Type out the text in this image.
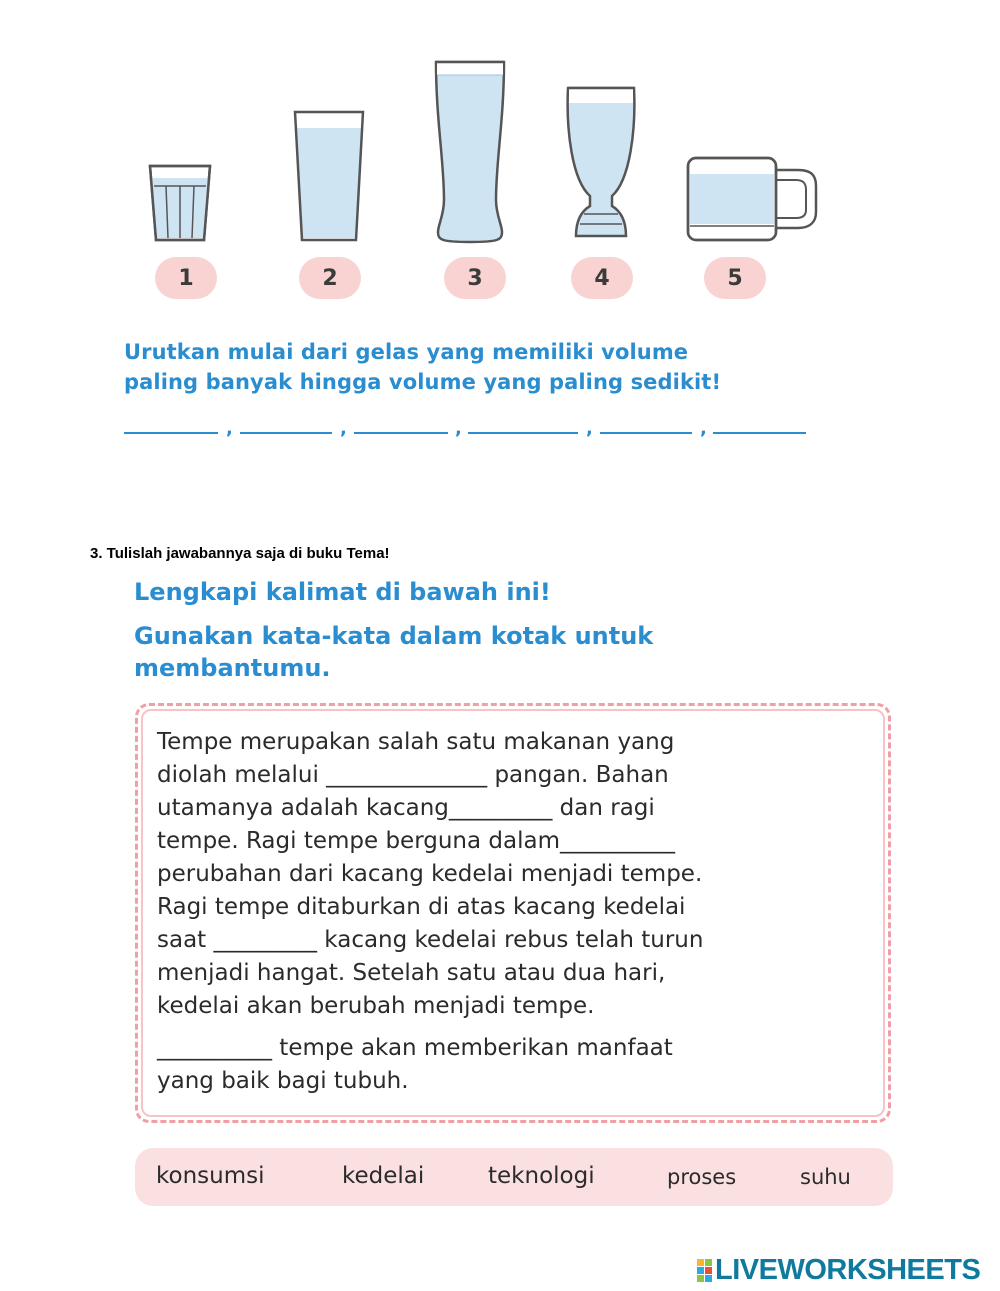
1	2	3	4	5
Urutkan mulai dari gelas yang memiliki volume
paling banyak hingga volume yang paling sedikit!
,	,	,	,	,
3. Tulislah jawabannya saja di buku Tema!
Lengkapi kalimat di bawah ini!
Gunakan kata-kata dalam kotak untuk
membantumu.
Tempe merupakan salah satu makanan yang
diolah melalui ______________ pangan. Bahan
utamanya adalah kacang_________ dan ragi
tempe. Ragi tempe berguna dalam__________
perubahan dari kacang kedelai menjadi tempe.
Ragi tempe ditaburkan di atas kacang kedelai
saat _________ kacang kedelai rebus telah turun
menjadi hangat. Setelah satu atau dua hari,
kedelai akan berubah menjadi tempe.
__________ tempe akan memberikan manfaat
yang baik bagi tubuh.
konsumsi	kedelai	teknologi	proses	suhu
LIVEWORKSHEETS
